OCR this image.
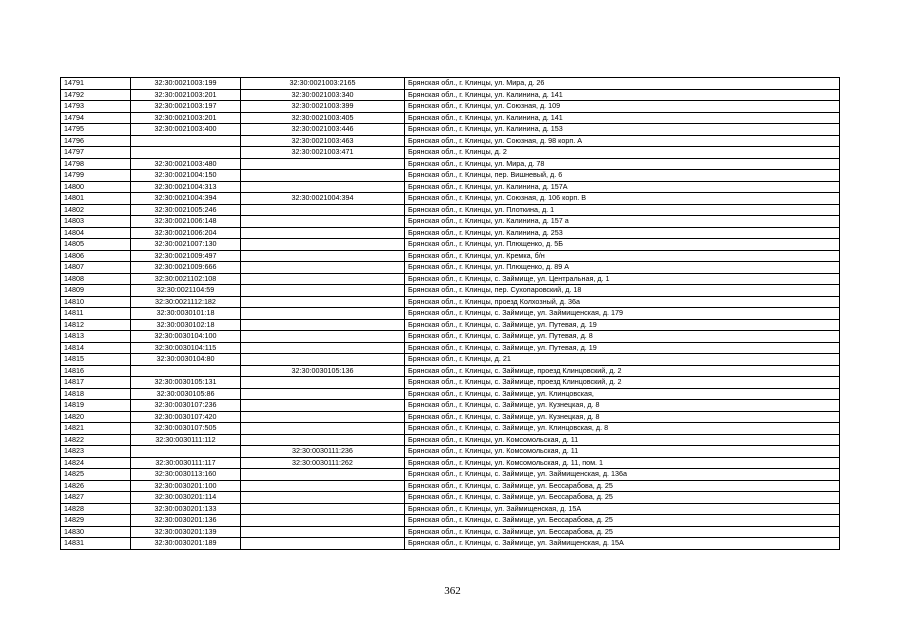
14791	32:30:0021003:199	32:30:0021003:2165	Брянская обл., г. Клинцы, ул. Мира, д. 26
14792	32:30:0021003:201	32:30:0021003:340	Брянская обл., г. Клинцы, ул. Калинина, д. 141
14793	32:30:0021003:197	32:30:0021003:399	Брянская обл., г. Клинцы, ул. Союзная, д. 109
14794	32:30:0021003:201	32:30:0021003:405	Брянская обл., г. Клинцы, ул. Калинина, д. 141
14795	32:30:0021003:400	32:30:0021003:446	Брянская обл., г. Клинцы, ул. Калинина, д. 153
14796		32:30:0021003:463	Брянская обл., г. Клинцы, ул. Союзная, д. 98 корп. А
14797		32:30:0021003:471	Брянская обл., г. Клинцы, д. 2
14798	32:30:0021003:480		Брянская обл., г. Клинцы, ул. Мира, д. 78
14799	32:30:0021004:150		Брянская обл., г. Клинцы, пер. Вишневый, д. 6
14800	32:30:0021004:313		Брянская обл., г. Клинцы, ул. Калинина, д. 157А
14801	32:30:0021004:394	32:30:0021004:394	Брянская обл., г. Клинцы, ул. Союзная, д. 106 корп. В
14802	32:30:0021005:246		Брянская обл., г. Клинцы, ул. Плоткина, д. 1
14803	32:30:0021006:148		Брянская обл., г. Клинцы, ул. Калинина, д. 157 а
14804	32:30:0021006:204		Брянская обл., г. Клинцы, ул. Калинина, д. 253
14805	32:30:0021007:130		Брянская обл., г. Клинцы, ул. Плющенко, д. 5Б
14806	32:30:0021009:497		Брянская обл., г. Клинцы, ул. Кремка, б/н
14807	32:30:0021009:666		Брянская обл., г. Клинцы, ул. Плющенко, д. 89 А
14808	32:30:0021102:108		Брянская обл., г. Клинцы, с. Займище, ул. Центральная, д. 1
14809	32:30:0021104:59		Брянская обл., г. Клинцы, пер. Сухопаровский, д. 18
14810	32:30:0021112:182		Брянская обл., г. Клинцы, проезд Колхозный, д. 36а
14811	32:30:0030101:18		Брянская обл., г. Клинцы, с. Займище, ул. Займищенская, д. 179
14812	32:30:0030102:18		Брянская обл., г. Клинцы, с. Займище, ул. Путевая, д. 19
14813	32:30:0030104:100		Брянская обл., г. Клинцы, с. Займище, ул. Путевая, д. 8
14814	32:30:0030104:115		Брянская обл., г. Клинцы, с. Займище, ул. Путевая, д. 19
14815	32:30:0030104:80		Брянская обл., г. Клинцы, д. 21
14816		32:30:0030105:136	Брянская обл., г. Клинцы, с. Займище, проезд Клинцовский, д. 2
14817	32:30:0030105:131		Брянская обл., г. Клинцы, с. Займище, проезд Клинцовский, д. 2
14818	32:30:0030105:86		Брянская обл., г. Клинцы, с. Займище, ул. Клинцовская,
14819	32:30:0030107:236		Брянская обл., г. Клинцы, с. Займище, ул. Кузнецкая, д. 8
14820	32:30:0030107:420		Брянская обл., г. Клинцы, с. Займище, ул. Кузнецкая, д. 8
14821	32:30:0030107:505		Брянская обл., г. Клинцы, с. Займище, ул. Клинцовская, д. 8
14822	32:30:0030111:112		Брянская обл., г. Клинцы, ул. Комсомольская, д. 11
14823		32:30:0030111:236	Брянская обл., г. Клинцы, ул. Комсомольская, д. 11
14824	32:30:0030111:117	32:30:0030111:262	Брянская обл., г. Клинцы, ул. Комсомольская, д. 11, пом. 1
14825	32:30:0030113:160		Брянская обл., г. Клинцы, с. Займище, ул. Займищенская, д. 136а
14826	32:30:0030201:100		Брянская обл., г. Клинцы, с. Займище, ул. Бессарабова, д. 25
14827	32:30:0030201:114		Брянская обл., г. Клинцы, с. Займище, ул. Бессарабова, д. 25
14828	32:30:0030201:133		Брянская обл., г. Клинцы, ул. Займищенская, д. 15А
14829	32:30:0030201:136		Брянская обл., г. Клинцы, с. Займище, ул. Бессарабова, д. 25
14830	32:30:0030201:139		Брянская обл., г. Клинцы, с. Займище, ул. Бессарабова, д. 25
14831	32:30:0030201:189		Брянская обл., г. Клинцы, с. Займище, ул. Займищенская, д. 15А
362
